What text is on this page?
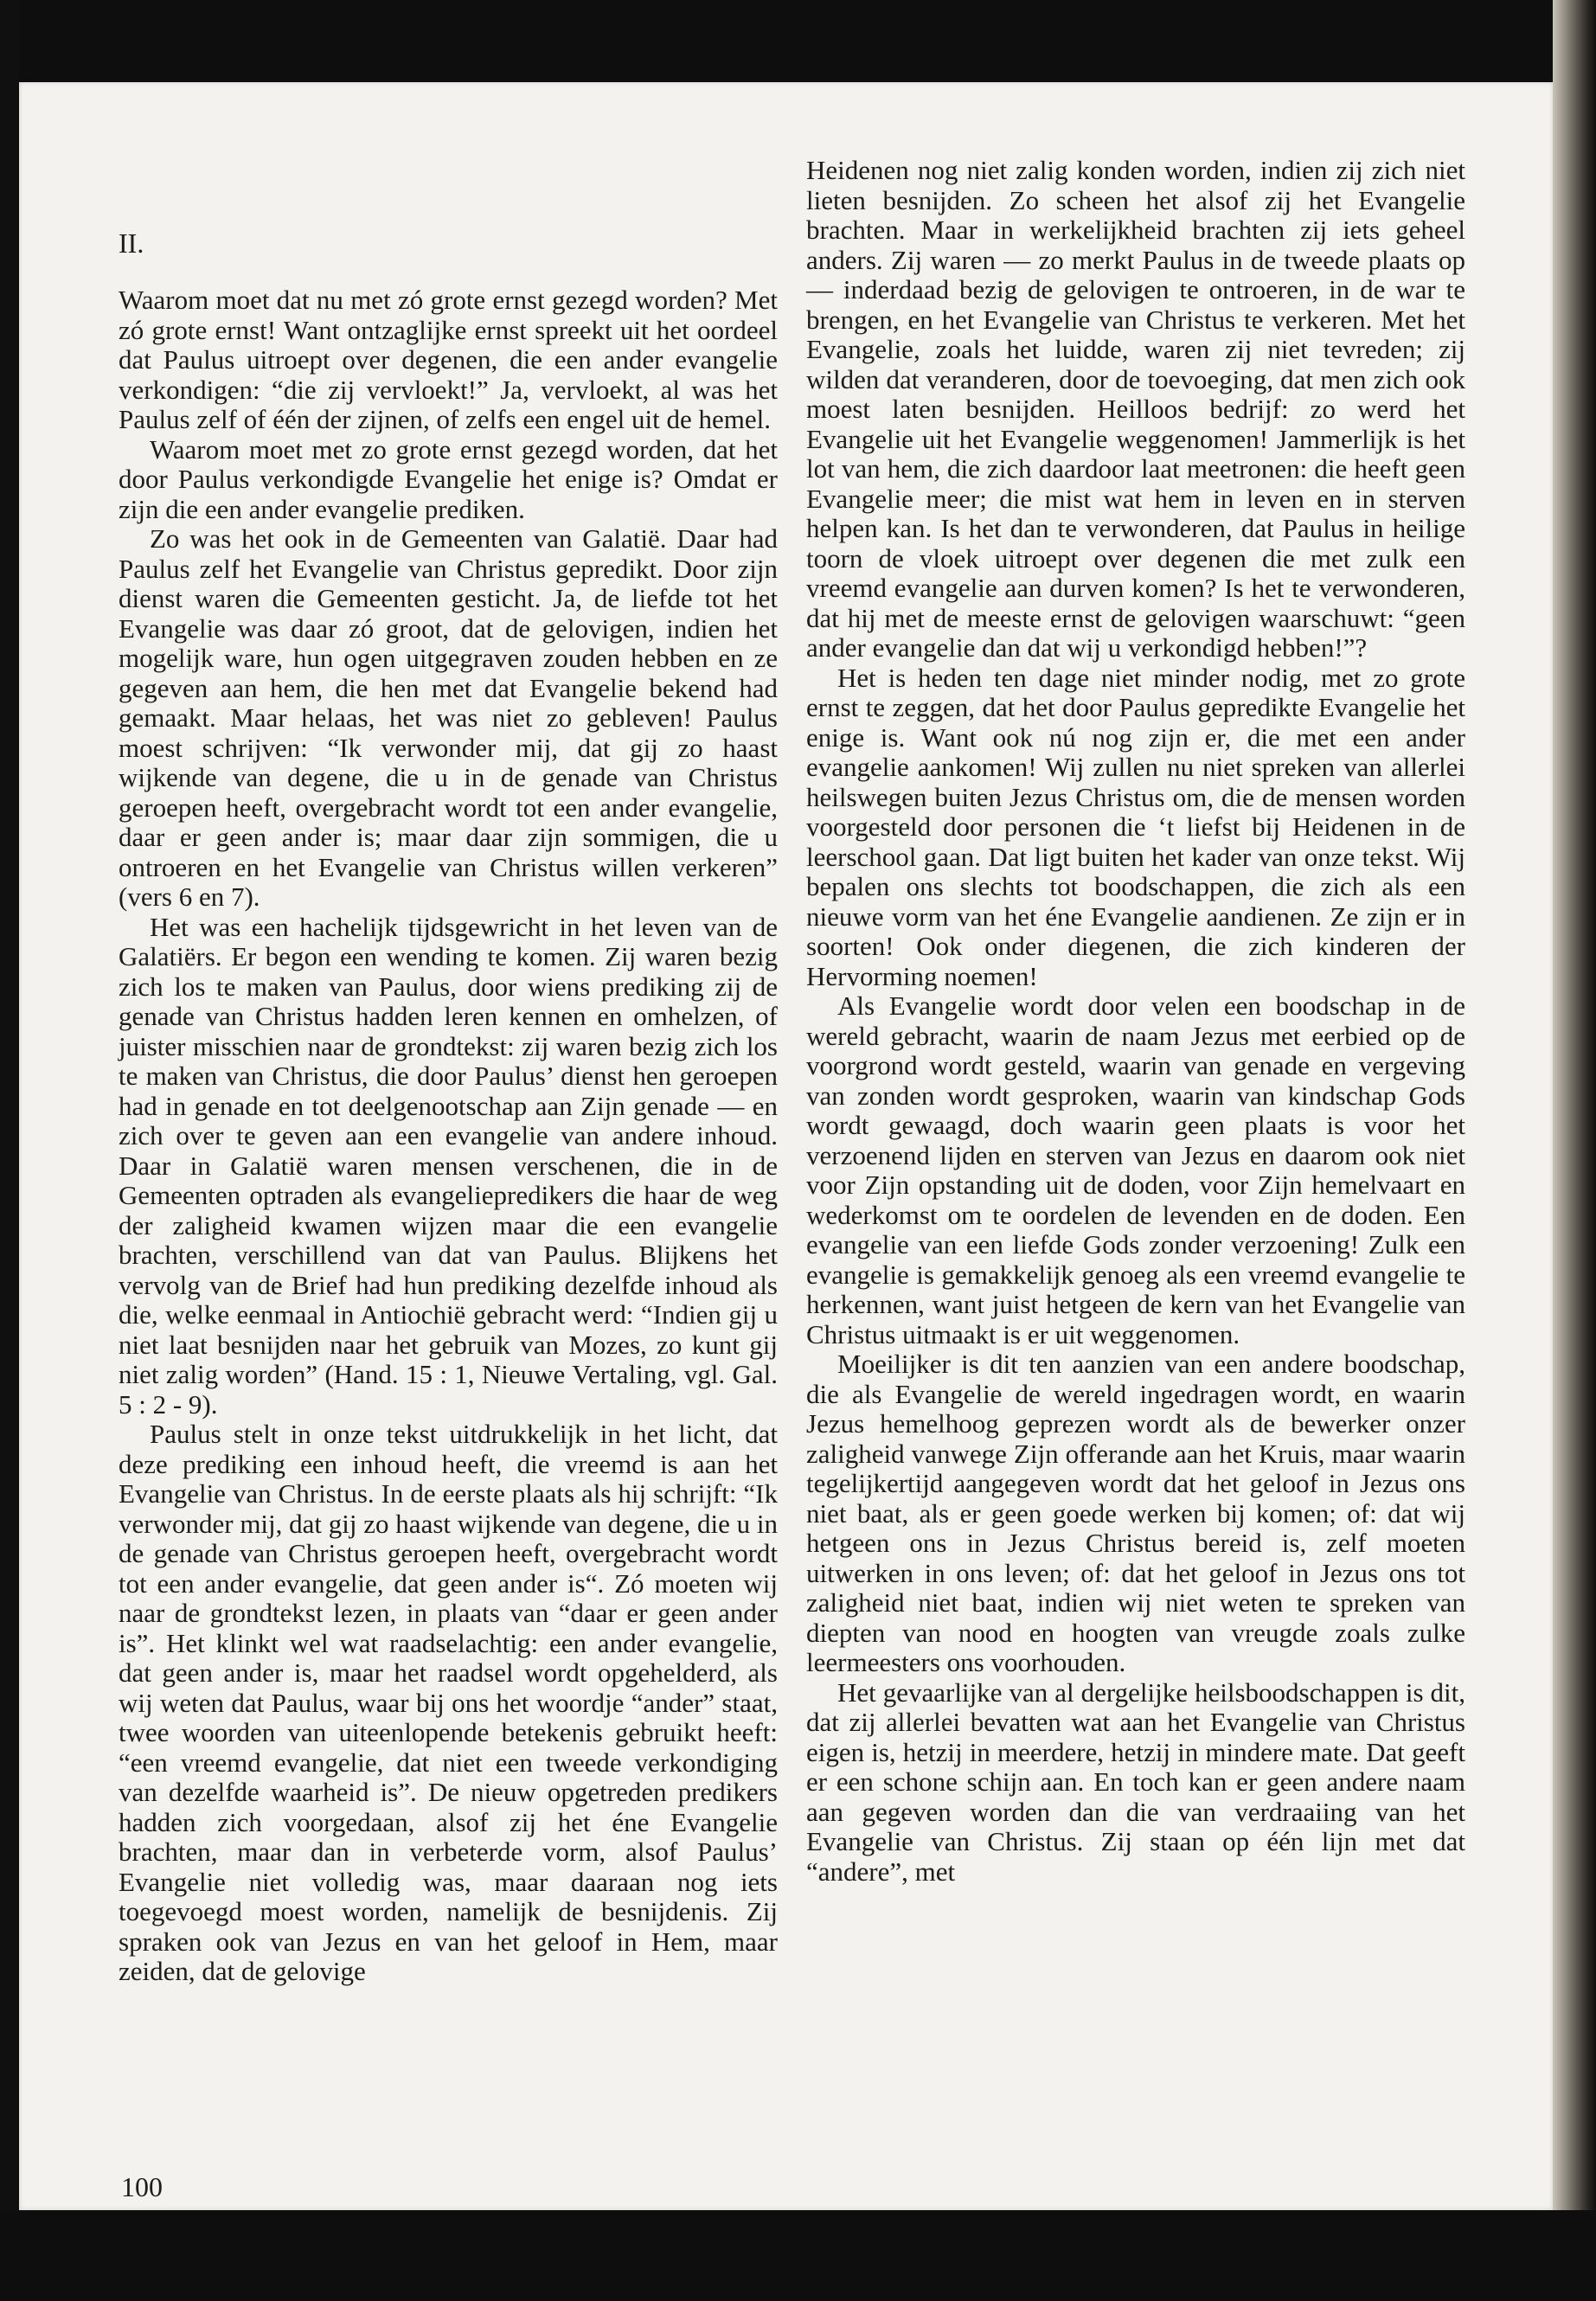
II.

Waarom moet dat nu met zó grote ernst gezegd worden? Met zó grote ernst! Want ontzaglijke ernst spreekt uit het oordeel dat Paulus uitroept over degenen, die een ander evangelie verkondigen: “die zij vervloekt!” Ja, vervloekt, al was het Paulus zelf of één der zijnen, of zelfs een engel uit de hemel.

Waarom moet met zo grote ernst gezegd worden, dat het door Paulus verkondigde Evangelie het enige is? Omdat er zijn die een ander evangelie prediken.

Zo was het ook in de Gemeenten van Galatië. Daar had Paulus zelf het Evangelie van Christus gepredikt. Door zijn dienst waren die Gemeenten gesticht. Ja, de liefde tot het Evangelie was daar zó groot, dat de gelovigen, indien het mogelijk ware, hun ogen uitgegraven zouden hebben en ze gegeven aan hem, die hen met dat Evangelie bekend had gemaakt. Maar helaas, het was niet zo gebleven! Paulus moest schrijven: “Ik verwonder mij, dat gij zo haast wijkende van degene, die u in de genade van Christus geroepen heeft, overgebracht wordt tot een ander evangelie, daar er geen ander is; maar daar zijn sommigen, die u ontroeren en het Evangelie van Christus willen verkeren” (vers 6 en 7).

Het was een hachelijk tijdsgewricht in het leven van de Galatiërs. Er begon een wending te komen. Zij waren bezig zich los te maken van Paulus, door wiens prediking zij de genade van Christus hadden leren kennen en omhelzen, of juister misschien naar de grondtekst: zij waren bezig zich los te maken van Christus, die door Paulus’ dienst hen geroepen had in genade en tot deelgenootschap aan Zijn genade — en zich over te geven aan een evangelie van andere inhoud. Daar in Galatië waren mensen verschenen, die in de Gemeenten optraden als evangeliepredikers die haar de weg der zaligheid kwamen wijzen maar die een evangelie brachten, verschillend van dat van Paulus. Blijkens het vervolg van de Brief had hun prediking dezelfde inhoud als die, welke eenmaal in Antiochië gebracht werd: “Indien gij u niet laat besnijden naar het gebruik van Mozes, zo kunt gij niet zalig worden” (Hand. 15 : 1, Nieuwe Vertaling, vgl. Gal. 5 : 2 - 9).

Paulus stelt in onze tekst uitdrukkelijk in het licht, dat deze prediking een inhoud heeft, die vreemd is aan het Evangelie van Christus. In de eerste plaats als hij schrijft: “Ik verwonder mij, dat gij zo haast wijkende van degene, die u in de genade van Christus geroepen heeft, overgebracht wordt tot een ander evangelie, dat geen ander is“. Zó moeten wij naar de grondtekst lezen, in plaats van “daar er geen ander is”. Het klinkt wel wat raadselachtig: een ander evangelie, dat geen ander is, maar het raadsel wordt opgehelderd, als wij weten dat Paulus, waar bij ons het woordje “ander” staat, twee woorden van uiteenlopende betekenis gebruikt heeft: “een vreemd evangelie, dat niet een tweede verkondiging van dezelfde waarheid is”. De nieuw opgetreden predikers hadden zich voorgedaan, alsof zij het éne Evangelie brachten, maar dan in verbeterde vorm, alsof Paulus’ Evangelie niet volledig was, maar daaraan nog iets toegevoegd moest worden, namelijk de besnijdenis. Zij spraken ook van Jezus en van het geloof in Hem, maar zeiden, dat de gelovige

Heidenen nog niet zalig konden worden, indien zij zich niet lieten besnijden. Zo scheen het alsof zij het Evangelie brachten. Maar in werkelijkheid brachten zij iets geheel anders. Zij waren — zo merkt Paulus in de tweede plaats op — inderdaad bezig de gelovigen te ontroeren, in de war te brengen, en het Evangelie van Christus te verkeren. Met het Evangelie, zoals het luidde, waren zij niet tevreden; zij wilden dat veranderen, door de toevoeging, dat men zich ook moest laten besnijden. Heilloos bedrijf: zo werd het Evangelie uit het Evangelie weggenomen! Jammerlijk is het lot van hem, die zich daardoor laat meetronen: die heeft geen Evangelie meer; die mist wat hem in leven en in sterven helpen kan. Is het dan te verwonderen, dat Paulus in heilige toorn de vloek uitroept over degenen die met zulk een vreemd evangelie aan durven komen? Is het te verwonderen, dat hij met de meeste ernst de gelovigen waarschuwt: “geen ander evangelie dan dat wij u verkondigd hebben!”?

Het is heden ten dage niet minder nodig, met zo grote ernst te zeggen, dat het door Paulus gepredikte Evangelie het enige is. Want ook nú nog zijn er, die met een ander evangelie aankomen! Wij zullen nu niet spreken van allerlei heilswegen buiten Jezus Christus om, die de mensen worden voorgesteld door personen die ‘t liefst bij Heidenen in de leerschool gaan. Dat ligt buiten het kader van onze tekst. Wij bepalen ons slechts tot boodschappen, die zich als een nieuwe vorm van het éne Evangelie aandienen. Ze zijn er in soorten! Ook onder diegenen, die zich kinderen der Hervorming noemen!

Als Evangelie wordt door velen een boodschap in de wereld gebracht, waarin de naam Jezus met eerbied op de voorgrond wordt gesteld, waarin van genade en vergeving van zonden wordt gesproken, waarin van kindschap Gods wordt gewaagd, doch waarin geen plaats is voor het verzoenend lijden en sterven van Jezus en daarom ook niet voor Zijn opstanding uit de doden, voor Zijn hemelvaart en wederkomst om te oordelen de levenden en de doden. Een evangelie van een liefde Gods zonder verzoening! Zulk een evangelie is gemakkelijk genoeg als een vreemd evangelie te herkennen, want juist hetgeen de kern van het Evangelie van Christus uitmaakt is er uit weggenomen.

Moeilijker is dit ten aanzien van een andere boodschap, die als Evangelie de wereld ingedragen wordt, en waarin Jezus hemelhoog geprezen wordt als de bewerker onzer zaligheid vanwege Zijn offerande aan het Kruis, maar waarin tegelijkertijd aangegeven wordt dat het geloof in Jezus ons niet baat, als er geen goede werken bij komen; of: dat wij hetgeen ons in Jezus Christus bereid is, zelf moeten uitwerken in ons leven; of: dat het geloof in Jezus ons tot zaligheid niet baat, indien wij niet weten te spreken van diepten van nood en hoogten van vreugde zoals zulke leermeesters ons voorhouden.

Het gevaarlijke van al dergelijke heilsboodschappen is dit, dat zij allerlei bevatten wat aan het Evangelie van Christus eigen is, hetzij in meerdere, hetzij in mindere mate. Dat geeft er een schone schijn aan. En toch kan er geen andere naam aan gegeven worden dan die van verdraaiing van het Evangelie van Christus. Zij staan op één lijn met dat “andere”, met

100
